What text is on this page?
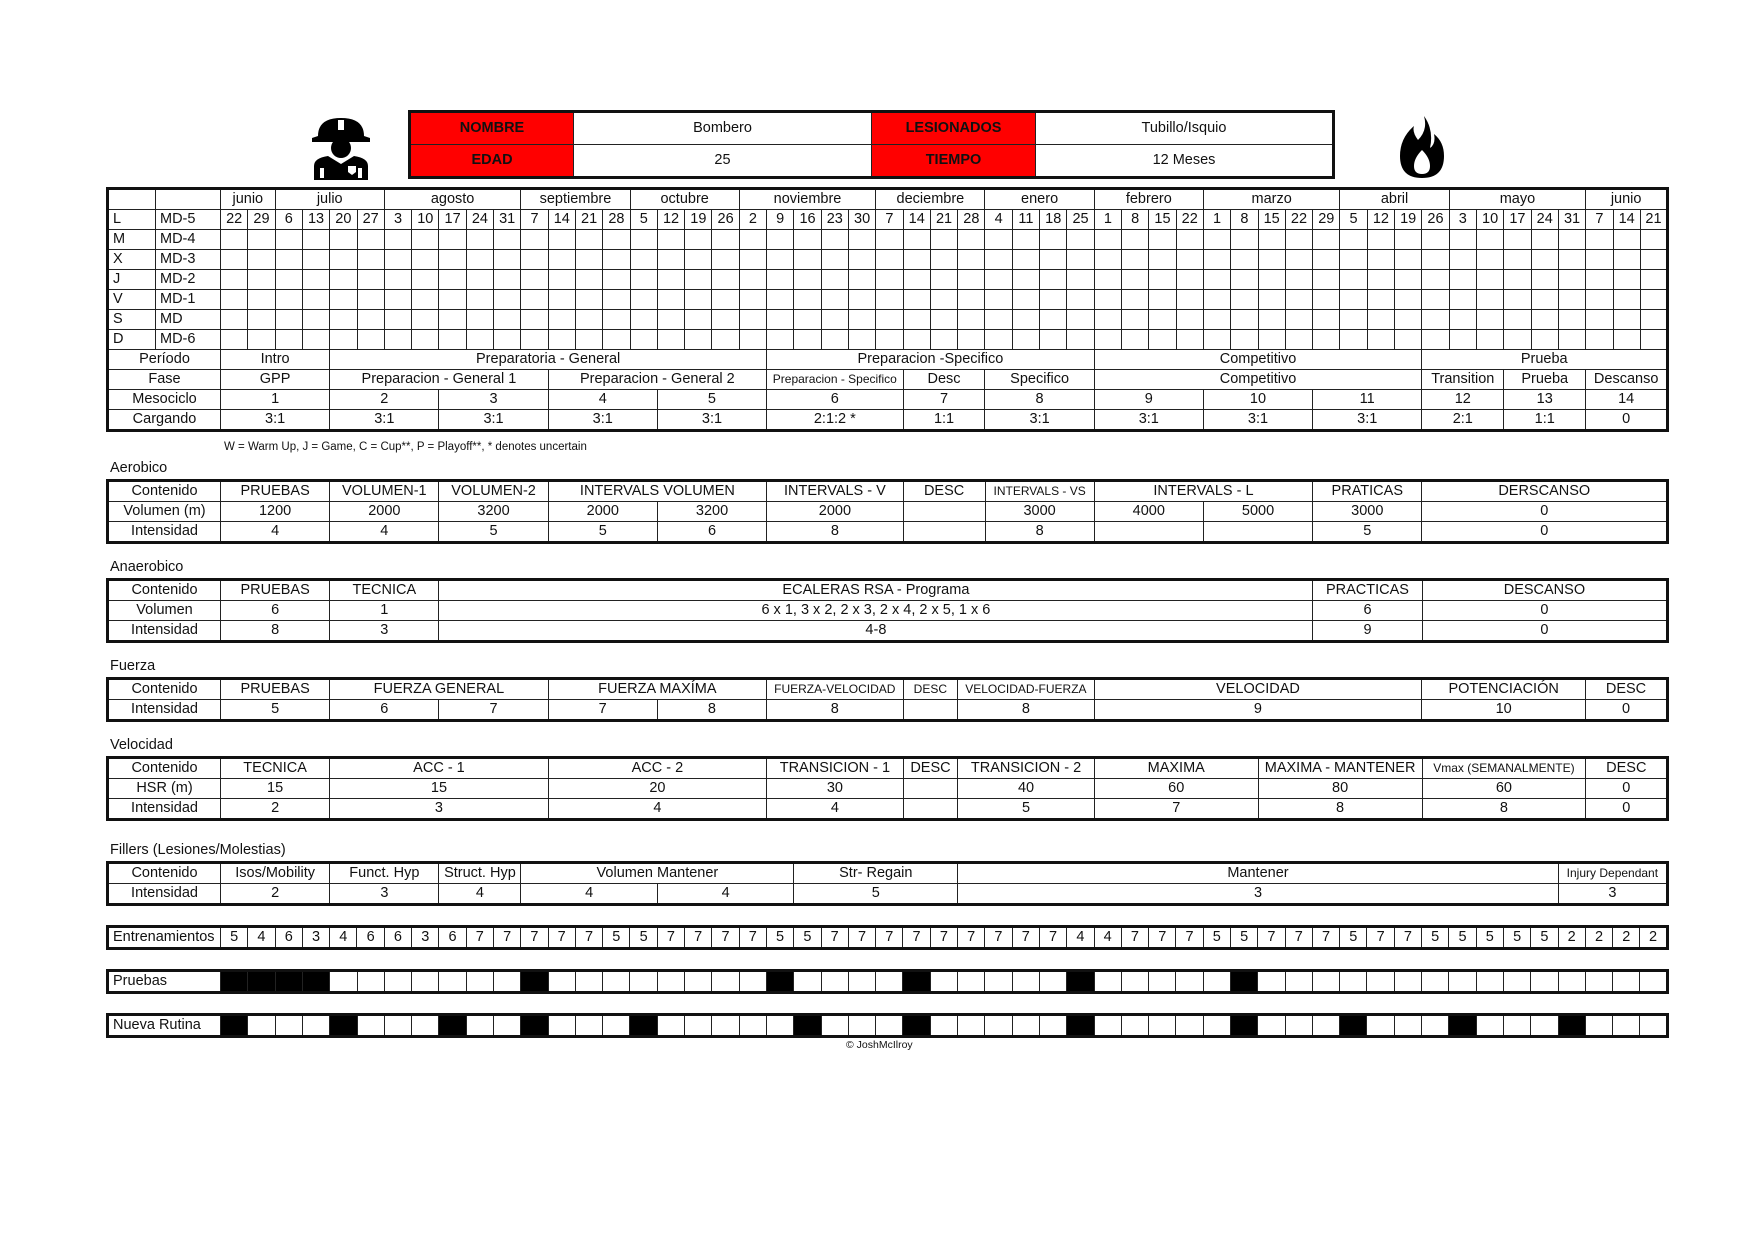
NOMBRE	Bombero	LESIONADOS	Tubillo/Isquio
EDAD	25	TIEMPO	12 Meses
		junio		julio				agosto					septiembre				octubre				noviembre					deciembre				enero				febrero				marzo					abril				mayo					junio		
L	MD-5	22	29	6	13	20	27	3	10	17	24	31	7	14	21	28	5	12	19	26	2	9	16	23	30	7	14	21	28	4	11	18	25	1	8	15	22	1	8	15	22	29	5	12	19	26	3	10	17	24	31	7	14	21
M	MD-4																																																					
X	MD-3																																																					
J	MD-2																																																					
V	MD-1																																																					
S	MD																																																					
D	MD-6																																																					
Período		Intro				Preparatoria - General																Preparacion -Specifico												Competitivo												Prueba								
Fase		GPP				Preparacion - General 1								Preparacion - General 2								Preparacion - Specifico					Desc			Specifico				Competitivo												Transition			Prueba			Descanso		
Mesociclo		1				2				3				4				5				6					7			8				9				10				11				12			13			14		
Cargando		3:1				3:1				3:1				3:1				3:1				2:1:2 *					1:1			3:1				3:1				3:1				3:1				2:1			1:1			0		
W = Warm Up, J = Game, C = Cup**, P = Playoff**, * denotes uncertain
Aerobico
Contenido	PRUEBAS	VOLUMEN-1	VOLUMEN-2	INTERVALS VOLUMEN		INTERVALS - V	DESC	INTERVALS - VS	INTERVALS - L		PRATICAS	DERSCANSO
Volumen (m)	1200	2000	3200	2000	3200	2000		3000	4000	5000	3000	0
Intensidad	4	4	5	5	6	8		8			5	0
Anaerobico
Contenido	PRUEBAS	TECNICA	ECALERAS RSA - Programa	PRACTICAS	DESCANSO
Volumen	6	1	6 x 1, 3 x 2, 2 x 3, 2 x 4, 2 x 5, 1 x 6	6	0
Intensidad	8	3	4-8	9	0
Fuerza
Contenido	PRUEBAS	FUERZA GENERAL		FUERZA MAXÍMA		FUERZA-VELOCIDAD	DESC	VELOCIDAD-FUERZA	VELOCIDAD	POTENCIACIÓN	DESC
Intensidad	5	6	7	7	8	8		8	9	10	0
Velocidad
Contenido	TECNICA	ACC - 1	ACC - 2	TRANSICION - 1	DESC	TRANSICION - 2	MAXIMA	MAXIMA - MANTENER	Vmax (SEMANALMENTE)	DESC
HSR (m)	15	15	20	30		40	60	80	60	0
Intensidad	2	3	4	4		5	7	8	8	0
Fillers (Lesiones/Molestias)
Contenido	Isos/Mobility	Funct. Hyp	Struct. Hyp	Volumen Mantener		Str- Regain	Mantener	Injury Dependant
Intensidad	2	3	4	4	4	5	3	3
Entrenamientos	5	4	6	3	4	6	6	3	6	7	7	7	7	7	5	5	7	7	7	7	5	5	7	7	7	7	7	7	7	7	7	4	4	7	7	7	5	5	7	7	7	5	7	7	5	5	5	5	5	2	2	2	2
Pruebas																																																					
Nueva Rutina																																																					
© JoshMcIlroy
